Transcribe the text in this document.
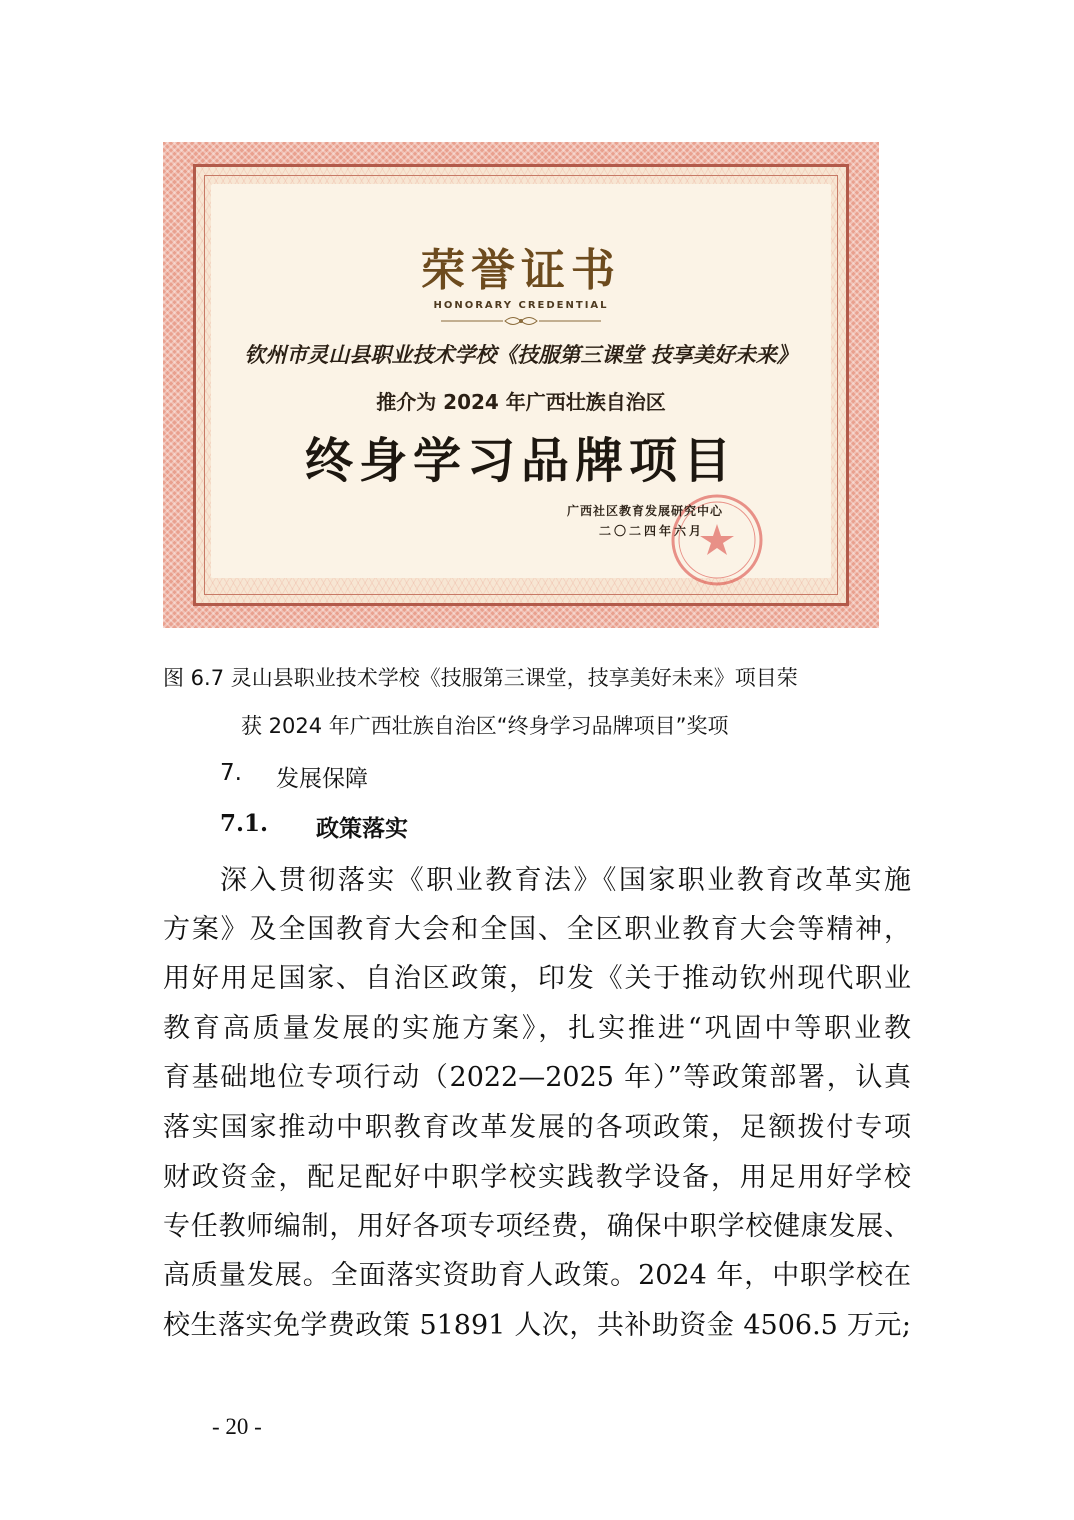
荣誉证书
HONORARY CREDENTIAL
钦州市灵山县职业技术学校《技服第三课堂 技享美好未来》
推介为 2024 年广西壮族自治区
终身学习品牌项目
广西社区教育发展研究中心
二〇二四年六月
图 6.7 灵山县职业技术学校《技服第三课堂，技享美好未来》项目荣
获 2024 年广西壮族自治区“终身学习品牌项目”奖项
7. 发展保障
7.1. 政策落实
深入贯彻落实《职业教育法》《国家职业教育改革实施
方案》及全国教育大会和全国、全区职业教育大会等精神，
用好用足国家、自治区政策，印发《关于推动钦州现代职业
教育高质量发展的实施方案》，扎实推进“巩固中等职业教
育基础地位专项行动（2022—2025 年）”等政策部署，认真
落实国家推动中职教育改革发展的各项政策，足额拨付专项
财政资金，配足配好中职学校实践教学设备，用足用好学校
专任教师编制，用好各项专项经费，确保中职学校健康发展、
高质量发展。全面落实资助育人政策。2024 年，中职学校在
校生落实免学费政策 51891 人次，共补助资金 4506.5 万元;
- 20 -
